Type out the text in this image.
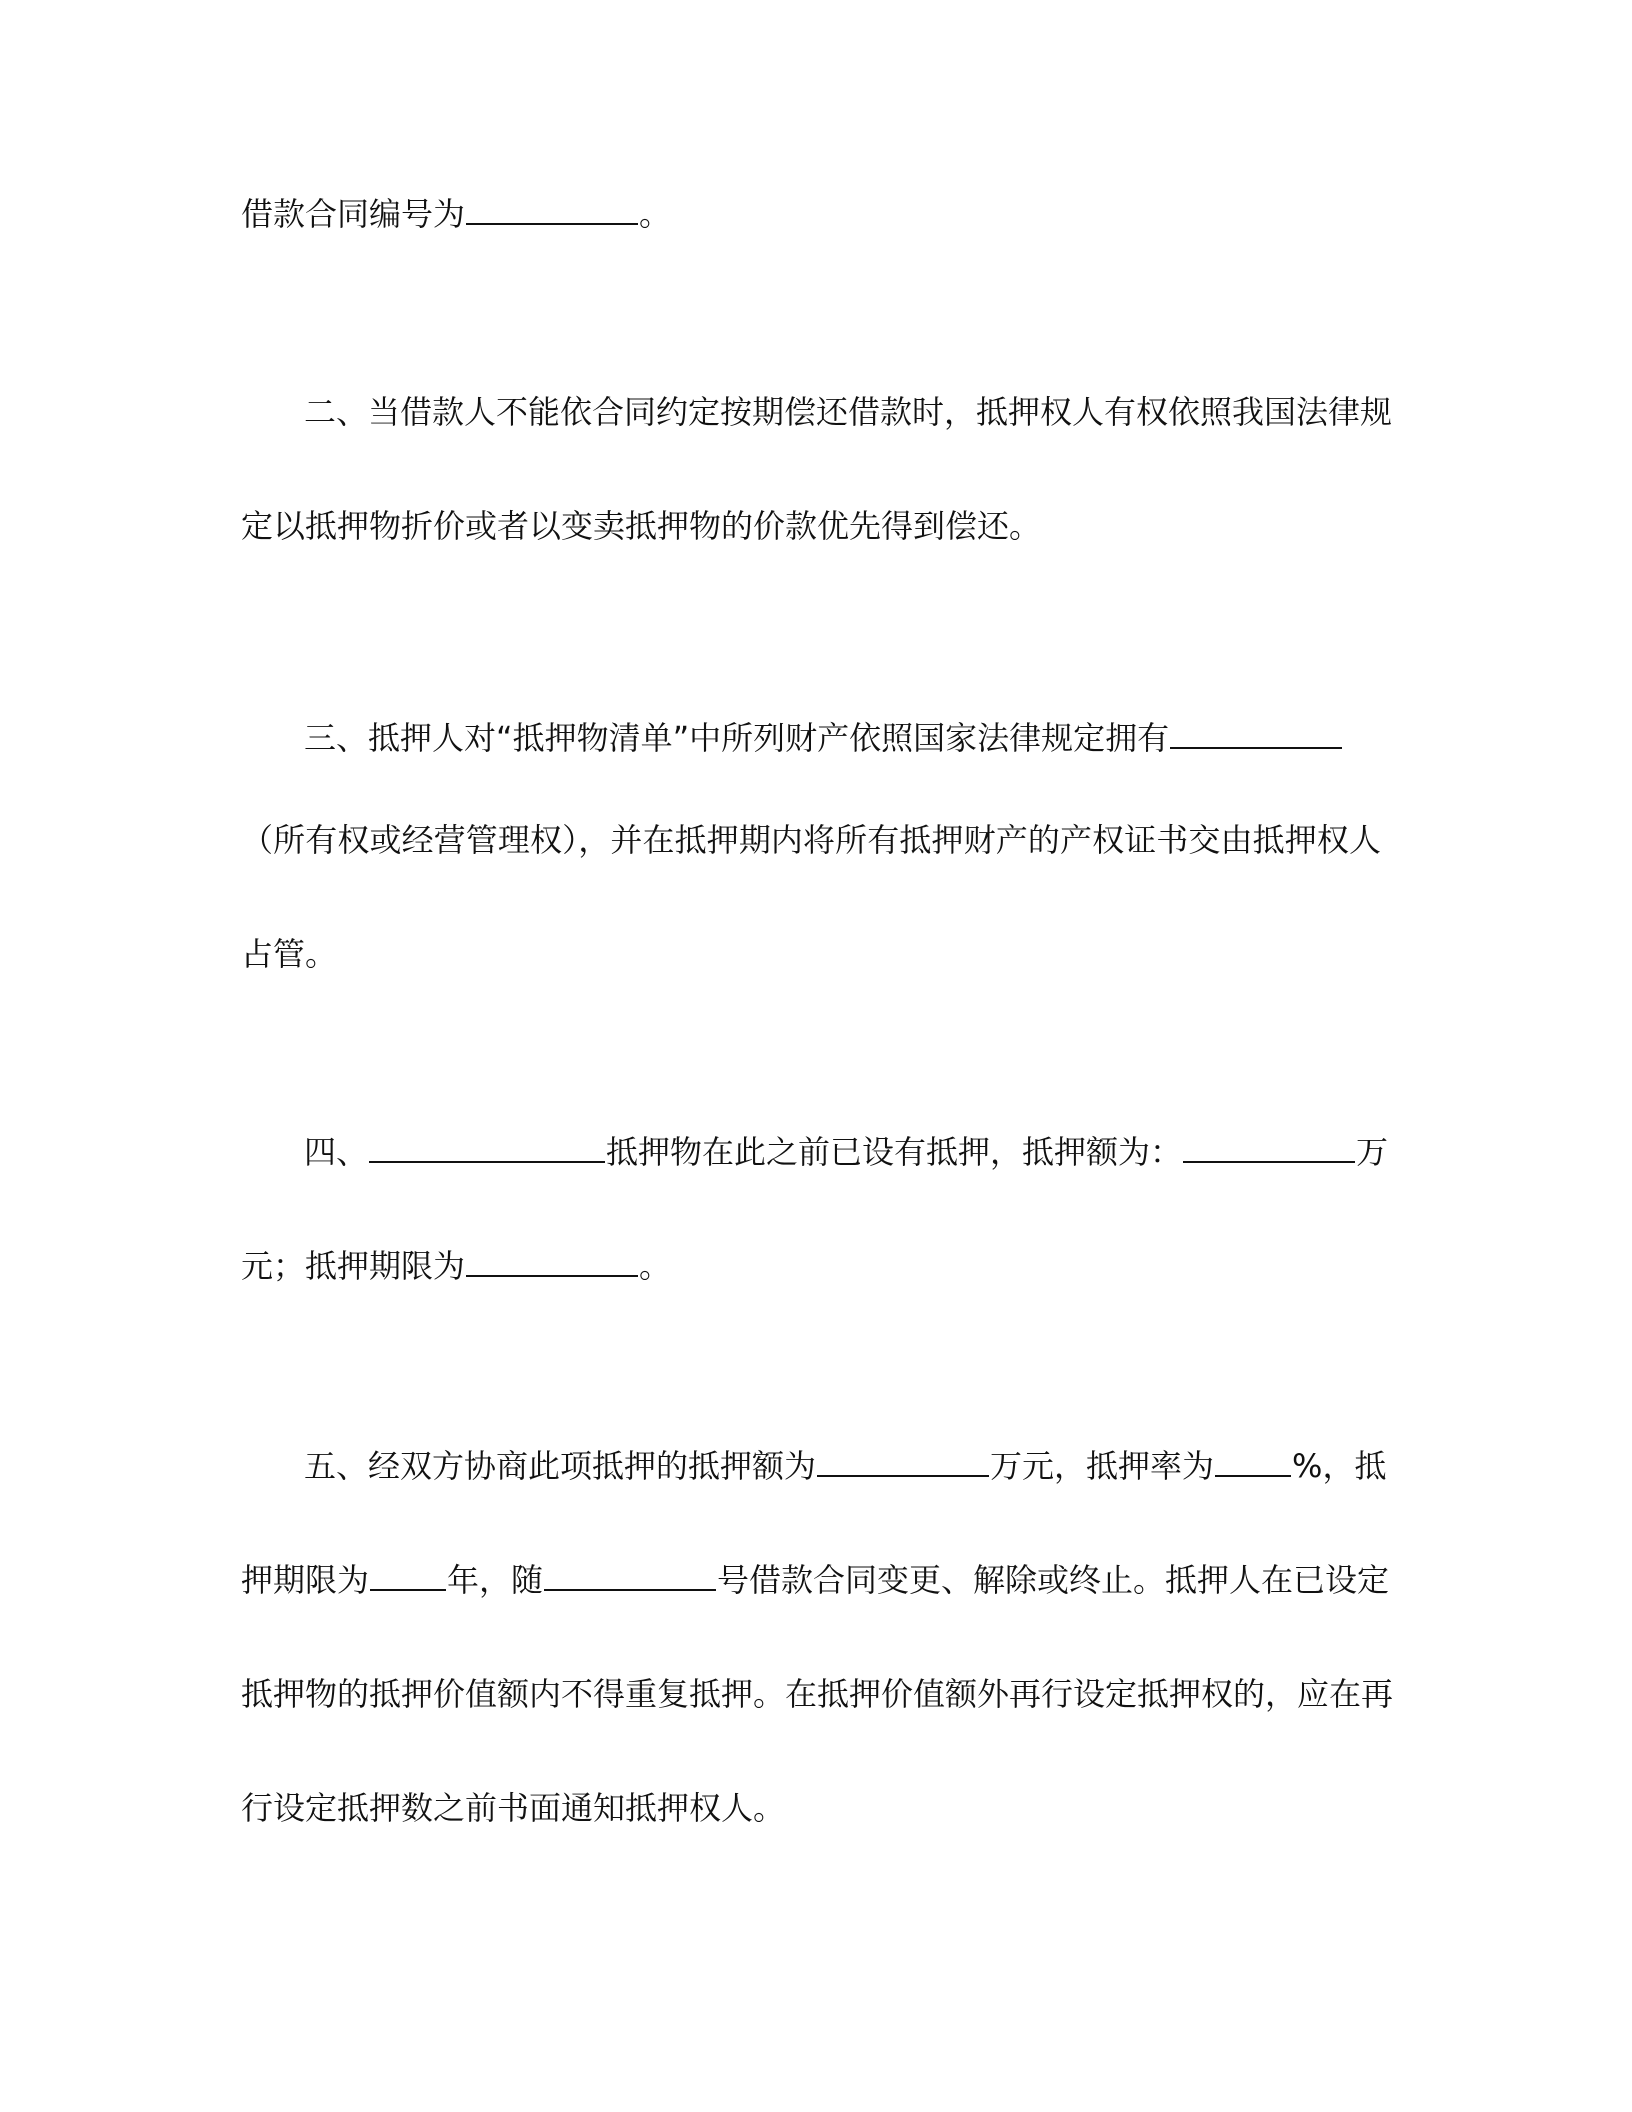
借款合同编号为	。
二、当借款人不能依合同约定按期偿还借款时，抵押权人有权依照我国法律规
定以抵押物折价或者以变卖抵押物的价款优先得到偿还。
三、抵押人对“抵押物清单”中所列财产依照国家法律规定拥有
（所有权或经营管理权），并在抵押期内将所有抵押财产的产权证书交由抵押权人
占管。
四、	抵押物在此之前已设有抵押，抵押额为：	万
元；抵押期限为	。
五、经双方协商此项抵押的抵押额为	万元，抵押率为 %，抵
押期限为 年，随	号借款合同变更、解除或终止。抵押人在已设定
抵押物的抵押价值额内不得重复抵押。在抵押价值额外再行设定抵押权的，应在再
行设定抵押数之前书面通知抵押权人。
